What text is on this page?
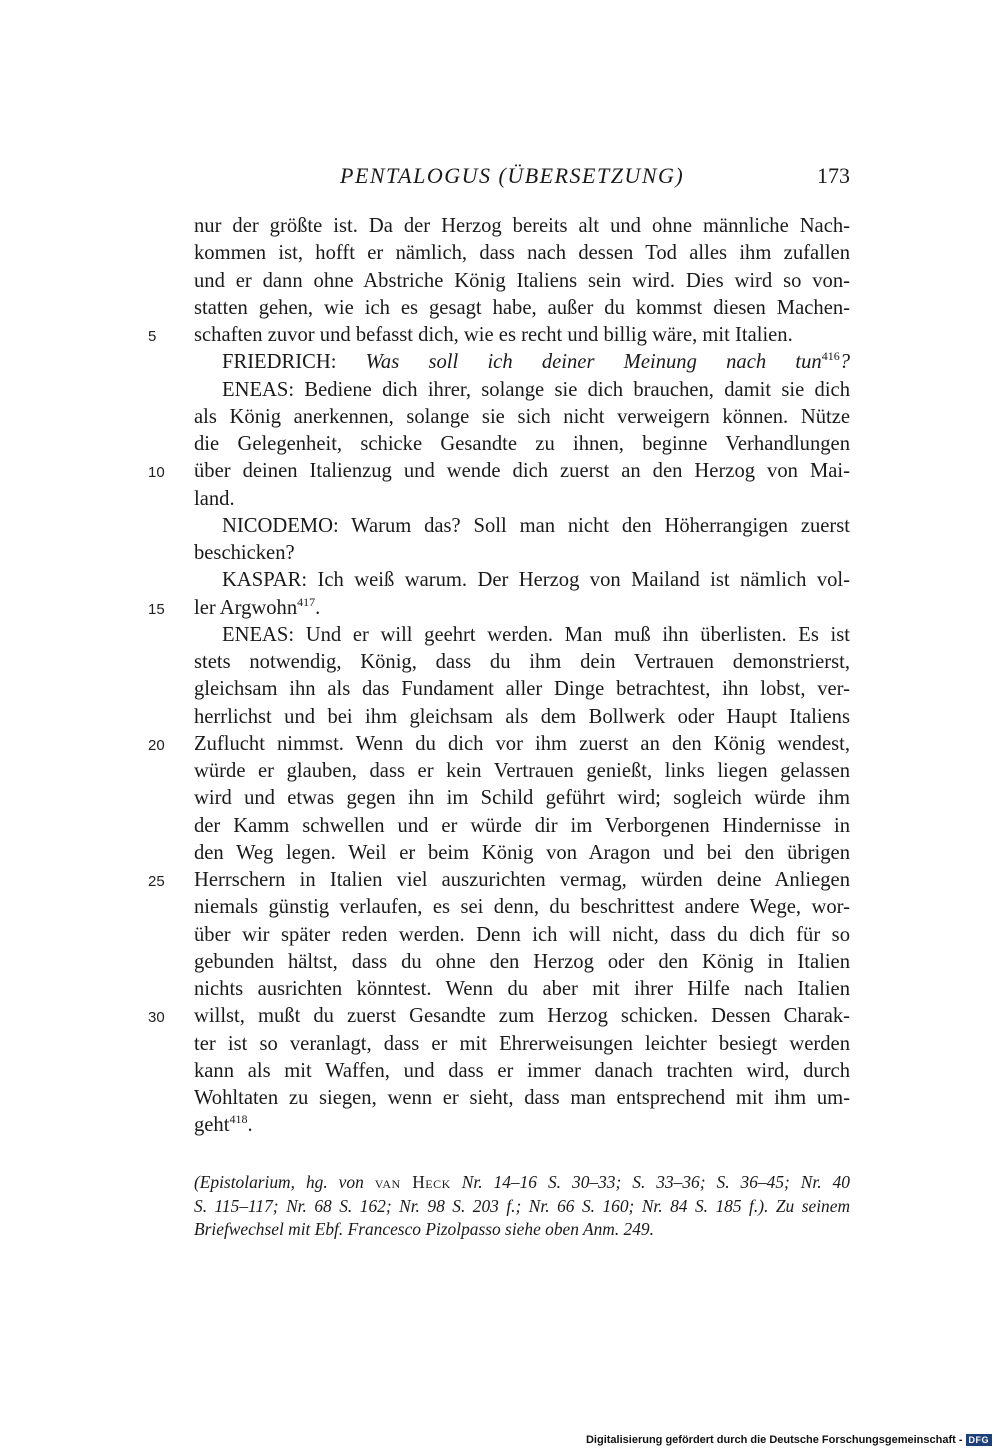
PENTALOGUS (ÜBERSETZUNG)	173
nur der größte ist. Da der Herzog bereits alt und ohne männliche Nach-
kommen ist, hofft er nämlich, dass nach dessen Tod alles ihm zufallen
und er dann ohne Abstriche König Italiens sein wird. Dies wird so von-
statten gehen, wie ich es gesagt habe, außer du kommst diesen Machen-
5 schaften zuvor und befasst dich, wie es recht und billig wäre, mit Italien.
FRIEDRICH: Was soll ich deiner Meinung nach tun$^{416}$?
ENEAS: Bediene dich ihrer, solange sie dich brauchen, damit sie dich
als König anerkennen, solange sie sich nicht verweigern können. Nütze
die Gelegenheit, schicke Gesandte zu ihnen, beginne Verhandlungen
10 über deinen Italienzug und wende dich zuerst an den Herzog von Mai-
land.
NICODEMO: Warum das? Soll man nicht den Höherrangigen zuerst
beschicken?
KASPAR: Ich weiß warum. Der Herzog von Mailand ist nämlich vol-
15 ler Argwohn$^{417}$.
ENEAS: Und er will geehrt werden. Man muß ihn überlisten. Es ist
stets notwendig, König, dass du ihm dein Vertrauen demonstrierst,
gleichsam ihn als das Fundament aller Dinge betrachtest, ihn lobst, ver-
herrlichst und bei ihm gleichsam als dem Bollwerk oder Haupt Italiens
20 Zuflucht nimmst. Wenn du dich vor ihm zuerst an den König wendest,
würde er glauben, dass er kein Vertrauen genießt, links liegen gelassen
wird und etwas gegen ihn im Schild geführt wird; sogleich würde ihm
der Kamm schwellen und er würde dir im Verborgenen Hindernisse in
den Weg legen. Weil er beim König von Aragon und bei den übrigen
25 Herrschern in Italien viel auszurichten vermag, würden deine Anliegen
niemals günstig verlaufen, es sei denn, du beschrittest andere Wege, wor-
über wir später reden werden. Denn ich will nicht, dass du dich für so
gebunden hältst, dass du ohne den Herzog oder den König in Italien
nichts ausrichten könntest. Wenn du aber mit ihrer Hilfe nach Italien
30 willst, mußt du zuerst Gesandte zum Herzog schicken. Dessen Charak-
ter ist so veranlagt, dass er mit Ehrerweisungen leichter besiegt werden
kann als mit Waffen, und dass er immer danach trachten wird, durch
Wohltaten zu siegen, wenn er sieht, dass man entsprechend mit ihm um-
geht$^{418}$.
(Epistolarium, hg. von van Heck Nr. 14–16 S. 30–33; S. 33–36; S. 36–45; Nr. 40
S. 115–117; Nr. 68 S. 162; Nr. 98 S. 203 f.; Nr. 66 S. 160; Nr. 84 S. 185 f.). Zu seinem
Briefwechsel mit Ebf. Francesco Pizolpasso siehe oben Anm. 249.
Digitalisierung gefördert durch die Deutsche Forschungsgemeinschaft - DFG
